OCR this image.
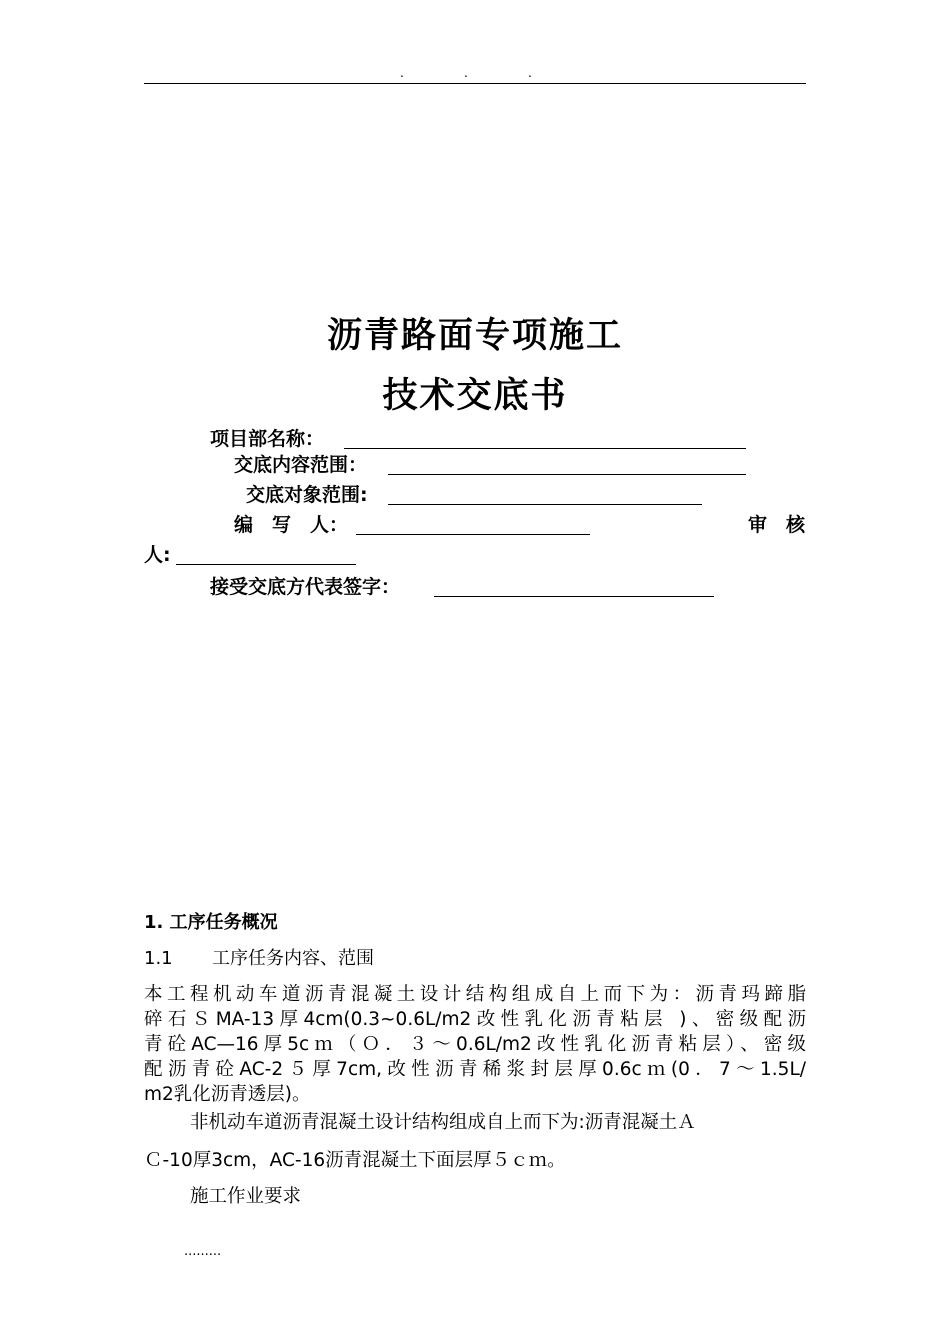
.	.	.
沥青路面专项施工
技术交底书
项目部名称：
交底内容范围：
交底对象范围:
编　写　人：	审　核
人:
接受交底方代表签字：
1. 工序任务概况
1.1 工序任务内容、范围
本工程机动车道沥青混凝土设计结构组成自上而下为：沥青玛蹄脂
碎石ＳMA-13厚4cm(0.3~0.6L/m2改性乳化沥青粘层 )、密级配沥
青砼AC—16厚5cｍ（Ｏ．３～0.6L/m2改性乳化沥青粘层）、密级
配沥青砼AC-2５厚7cm,改性沥青稀浆封层厚0.6cｍ(0．7～1.5L/
m2乳化沥青透层)。
非机动车道沥青混凝土设计结构组成自上而下为:沥青混凝土Ａ
Ｃ-10厚3cm，AC-16沥青混凝土下面层厚５ｃｍ。
施工作业要求
.........
